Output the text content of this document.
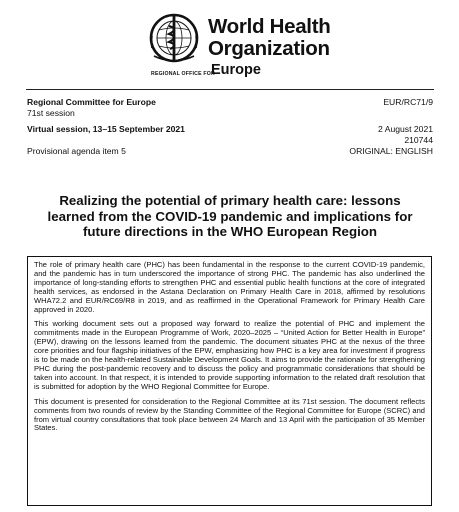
World Health
Organization
REGIONAL OFFICE FOR
Europe
Regional Committee for Europe	EUR/RC71/9
71st session
Virtual session, 13–15 September 2021	2 August 2021
210744
Provisional agenda item 5	ORIGINAL: ENGLISH
Realizing the potential of primary health care: lessons
learned from the COVID-19 pandemic and implications for
future directions in the WHO European Region

The role of primary health care (PHC) has been fundamental in the response to the current COVID-19 pandemic, and the pandemic has in turn underscored the importance of strong PHC. The pandemic has also underlined the importance of long-standing efforts to strengthen PHC and essential public health functions at the core of integrated health services, as endorsed in the Astana Declaration on Primary Health Care in 2018, affirmed by resolutions WHA72.2 and EUR/RC69/R8 in 2019, and as reaffirmed in the Operational Framework for Primary Health Care approved in 2020.

This working document sets out a proposed way forward to realize the potential of PHC and implement the commitments made in the European Programme of Work, 2020–2025 – “United Action for Better Health in Europe” (EPW), drawing on the lessons learned from the pandemic. The document situates PHC at the nexus of the three core priorities and four flagship initiatives of the EPW, emphasizing how PHC is a key area for investment if progress is to be made on the health-related Sustainable Development Goals. It aims to provide the rationale for strengthening PHC during the post-pandemic recovery and to discuss the policy and programmatic considerations that should be taken into account. In that respect, it is intended to provide supporting information to the related draft resolution that is submitted for adoption by the WHO Regional Committee for Europe.

This document is presented for consideration to the Regional Committee at its 71st session. The document reflects comments from two rounds of review by the Standing Committee of the Regional Committee for Europe (SCRC) and from virtual country consultations that took place between 24 March and 13 April with the participation of 35 Member States.
